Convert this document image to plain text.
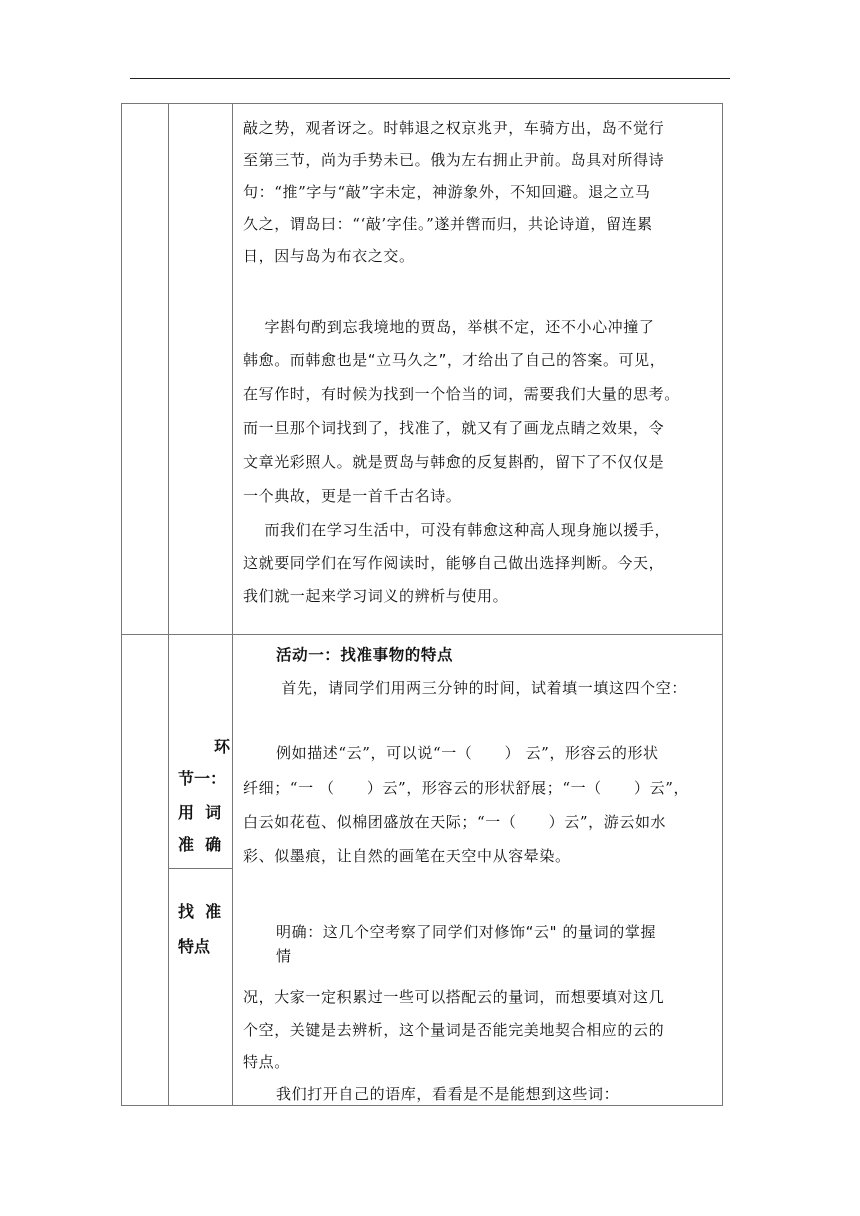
敲之势，观者讶之。时韩退之权京兆尹，车骑方出，岛不觉行
至第三节，尚为手势未已。俄为左右拥止尹前。岛具对所得诗
句：“推”字与“敲”字未定，神游象外，不知回避。退之立马
久之，谓岛曰：“‘敲’字佳。”遂并辔而归，共论诗道，留连累
日，因与岛为布衣之交。
字斟句酌到忘我境地的贾岛，举棋不定，还不小心冲撞了
韩愈。而韩愈也是“立马久之”，才给出了自己的答案。可见，
在写作时，有时候为找到一个恰当的词，需要我们大量的思考。
而一旦那个词找到了，找准了，就又有了画龙点睛之效果，令
文章光彩照人。就是贾岛与韩愈的反复斟酌，留下了不仅仅是
一个典故，更是一首千古名诗。
而我们在学习生活中，可没有韩愈这种高人现身施以援手，
这就要同学们在写作阅读时，能够自己做出选择判断。今天，
我们就一起来学习词义的辨析与使用。
环
节一：
用  词
准  确
找  准
特点
活动一：找准事物的特点
首先，请同学们用两三分钟的时间，试着填一填这四个空：
例如描述“云”，可以说“一（      ） 云”，形容云的形状
纤细；“一 （      ）云”，形容云的形状舒展；“一（      ）云”，
白云如花苞、似棉团盛放在天际；“一（      ）云”，游云如水
彩、似墨痕，让自然的画笔在天空中从容晕染。
明确：这几个空考察了同学们对修饰“云" 的量词的掌握
情
况，大家一定积累过一些可以搭配云的量词，而想要填对这几
个空，关键是去辨析，这个量词是否能完美地契合相应的云的
特点。
我们打开自己的语库，看看是不是能想到这些词：
